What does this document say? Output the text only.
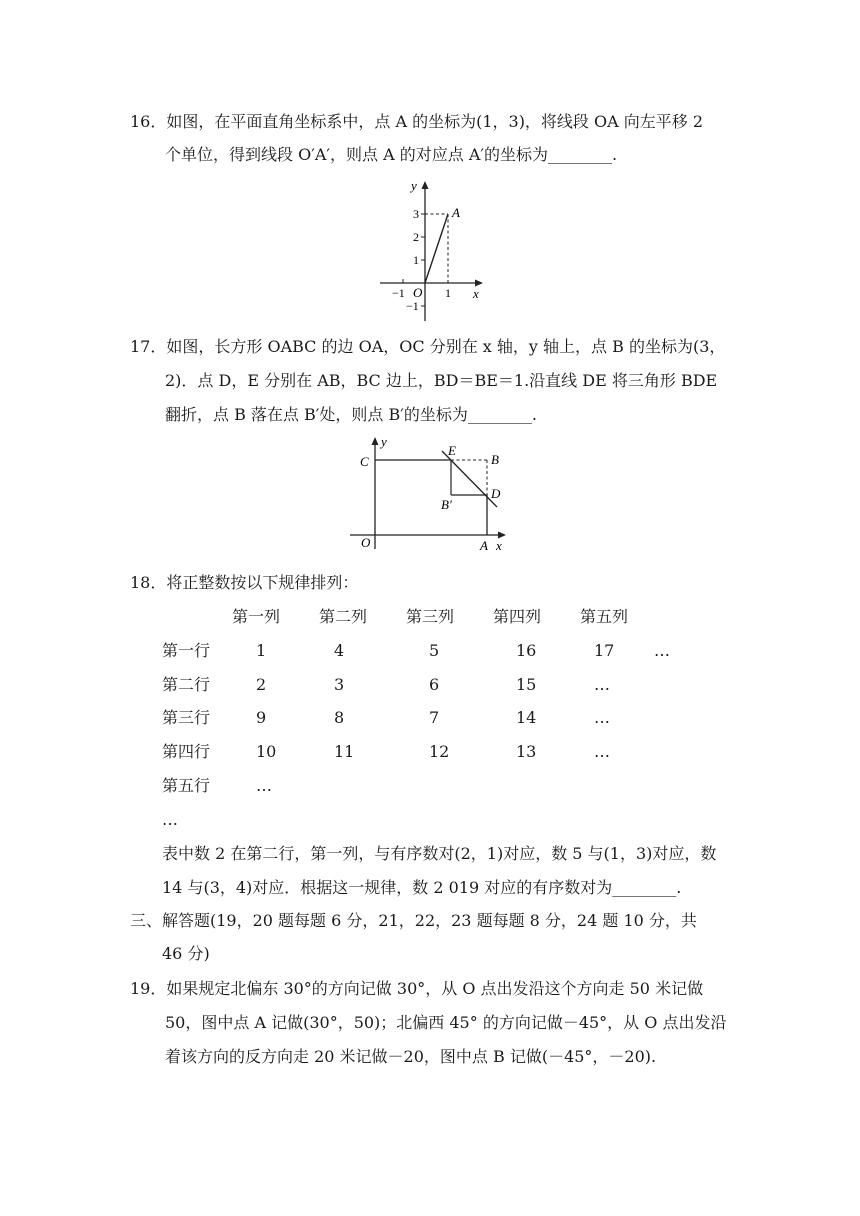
16．如图，在平面直角坐标系中，点 A 的坐标为(1，3)，将线段 OA 向左平移 2
个单位，得到线段 O′A′，则点 A 的对应点 A′的坐标为________.
y
x
O
A
3
2
1
−1
−1	1
17．如图，长方形 OABC 的边 OA，OC 分别在 x 轴，y 轴上，点 B 的坐标为(3，
2)．点 D，E 分别在 AB，BC 边上，BD＝BE＝1.沿直线 DE 将三角形 BDE
翻折，点 B 落在点 B′处，则点 B′的坐标为________.
y
x
O	A
B
C
D
E
B′
18．将正整数按以下规律排列：
第一列 第二列 第三列 第四列 第五列
第一行	1	4	5	16	17 …
第二行	2	3	6	15	…
第三行	9	8	7	14	…
第四行	10	11	12	13	…
第五行	…
…
表中数 2 在第二行，第一列，与有序数对(2，1)对应，数 5 与(1，3)对应，数
14 与(3，4)对应．根据这一规律，数 2 019 对应的有序数对为________.
三、解答题(19，20 题每题 6 分，21，22，23 题每题 8 分，24 题 10 分，共
46 分)
19．如果规定北偏东 30°的方向记做 30°，从 O 点出发沿这个方向走 50 米记做
50，图中点 A 记做(30°，50)；北偏西 45° 的方向记做－45°，从 O 点出发沿
着该方向的反方向走 20 米记做－20，图中点 B 记做(－45°，－20).
